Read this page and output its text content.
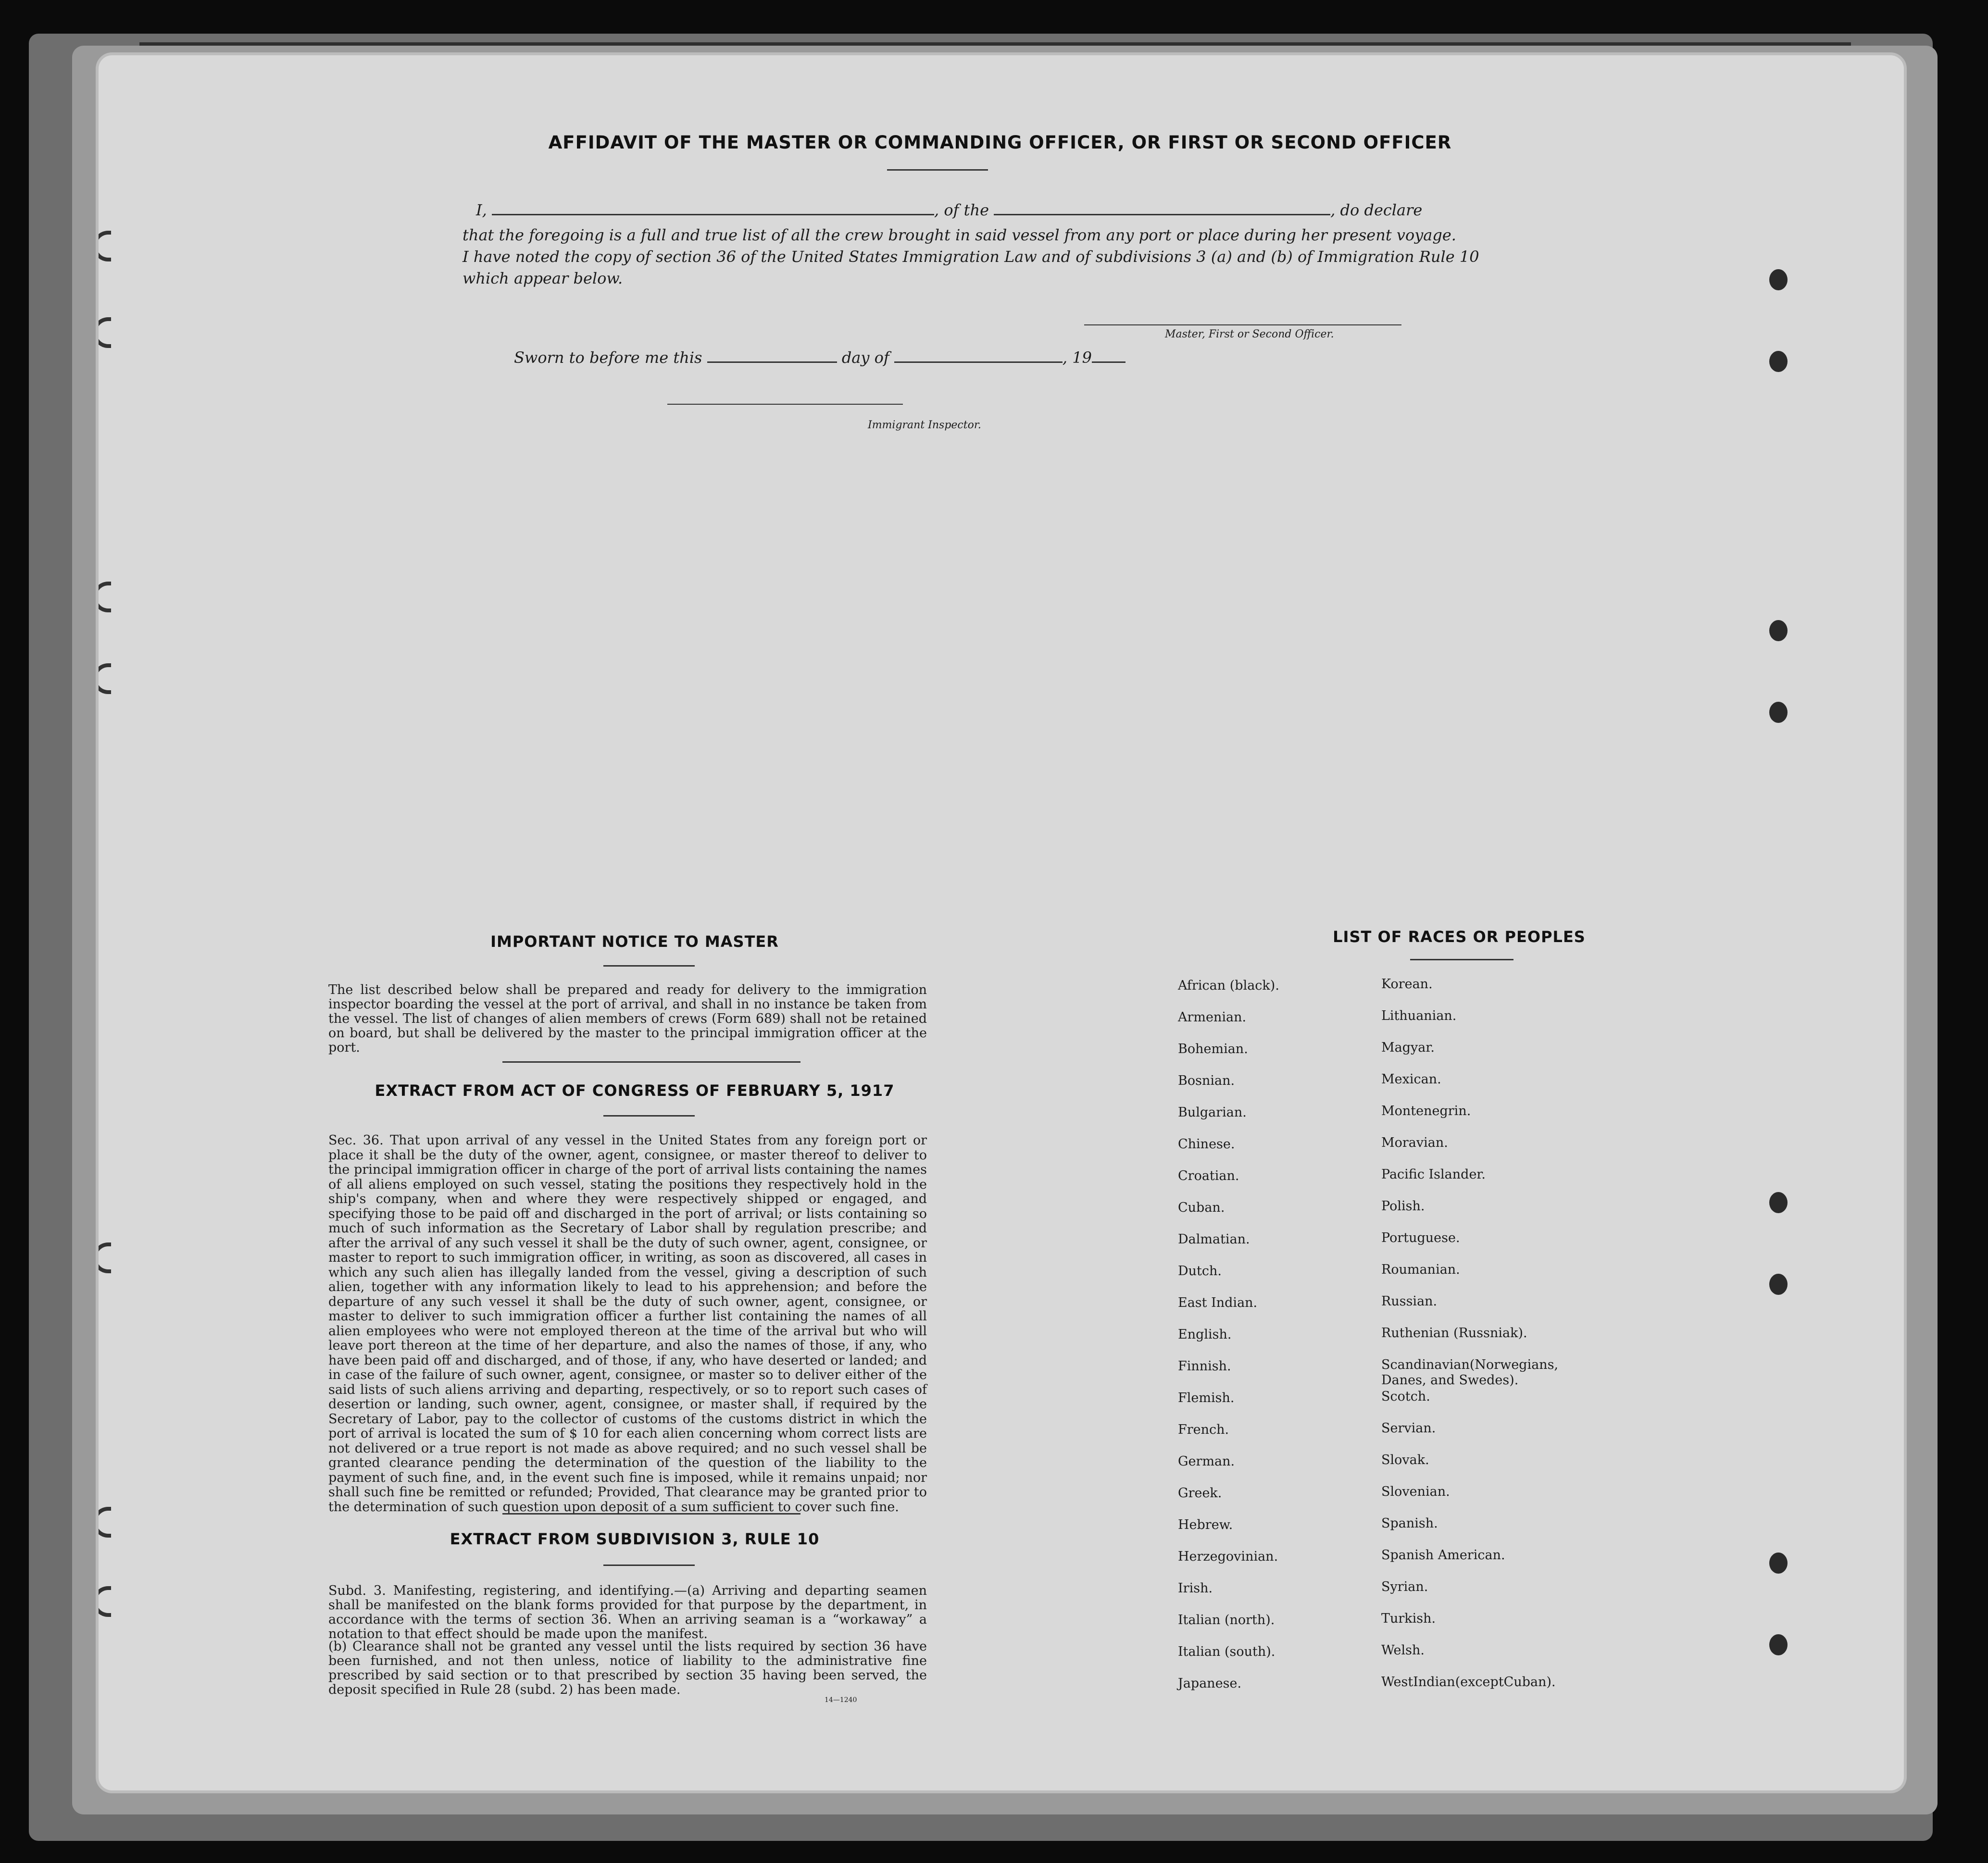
AFFIDAVIT OF THE MASTER OR COMMANDING OFFICER, OR FIRST OR SECOND OFFICER
I,	, of the	, do declare
that the foregoing is a full and true list of all the crew brought in said vessel from any port or place during her present voyage.
I have noted the copy of section 36 of the United States Immigration Law and of subdivisions 3 (a) and (b) of Immigration Rule 10
which appear below.
Master, First or Second Officer.
Sworn to before me this	day of	, 19
Immigrant Inspector.
IMPORTANT NOTICE TO MASTER
The list described below shall be prepared and ready for delivery to the immigration inspector boarding the vessel at the port of arrival, and shall in no instance be taken from the vessel. The list of changes of alien members of crews (Form 689) shall not be retained on board, but shall be delivered by the master to the principal immigration officer at the port.
EXTRACT FROM ACT OF CONGRESS OF FEBRUARY 5, 1917
Sec. 36. That upon arrival of any vessel in the United States from any foreign port or place it shall be the duty of the owner, agent, consignee, or master thereof to deliver to the principal immigration officer in charge of the port of arrival lists containing the names of all aliens employed on such vessel, stating the positions they respectively hold in the ship's company, when and where they were respectively shipped or engaged, and specifying those to be paid off and discharged in the port of arrival; or lists containing so much of such information as the Secretary of Labor shall by regulation prescribe; and after the arrival of any such vessel it shall be the duty of such owner, agent, consignee, or master to report to such immigration officer, in writing, as soon as discovered, all cases in which any such alien has illegally landed from the vessel, giving a description of such alien, together with any information likely to lead to his apprehension; and before the departure of any such vessel it shall be the duty of such owner, agent, consignee, or master to deliver to such immigration officer a further list containing the names of all alien employees who were not employed thereon at the time of the arrival but who will leave port thereon at the time of her departure, and also the names of those, if any, who have been paid off and discharged, and of those, if any, who have deserted or landed; and in case of the failure of such owner, agent, consignee, or master so to deliver either of the said lists of such aliens arriving and departing, respectively, or so to report such cases of desertion or landing, such owner, agent, consignee, or master shall, if required by the Secretary of Labor, pay to the collector of customs of the customs district in which the port of arrival is located the sum of $ 10 for each alien concerning whom correct lists are not delivered or a true report is not made as above required; and no such vessel shall be granted clearance pending the determination of the question of the liability to the payment of such fine, and, in the event such fine is imposed, while it remains unpaid; nor shall such fine be remitted or refunded; Provided, That clearance may be granted prior to the determination of such question upon deposit of a sum sufficient to cover such fine.
EXTRACT FROM SUBDIVISION 3, RULE 10
Subd. 3. Manifesting, registering, and identifying.—(a) Arriving and departing seamen shall be manifested on the blank forms provided for that purpose by the department, in accordance with the terms of section 36. When an arriving seaman is a “workaway” a notation to that effect should be made upon the manifest.
(b) Clearance shall not be granted any vessel until the lists required by section 36 have been furnished, and not then unless, notice of liability to the administrative fine prescribed by said section or to that prescribed by section 35 having been served, the deposit specified in Rule 28 (subd. 2) has been made.
14—1240
LIST OF RACES OR PEOPLES
African (black).
Armenian.
Bohemian.
Bosnian.
Bulgarian.
Chinese.
Croatian.
Cuban.
Dalmatian.
Dutch.
East Indian.
English.
Finnish.
Flemish.
French.
German.
Greek.
Hebrew.
Herzegovinian.
Irish.
Italian (north).
Italian (south).
Japanese.
Korean.
Lithuanian.
Magyar.
Mexican.
Montenegrin.
Moravian.
Pacific Islander.
Polish.
Portuguese.
Roumanian.
Russian.
Ruthenian (Russniak).
Scandinavian(Norwegians, Danes, and Swedes).
Scotch.
Servian.
Slovak.
Slovenian.
Spanish.
Spanish American.
Syrian.
Turkish.
Welsh.
WestIndian(exceptCuban).
